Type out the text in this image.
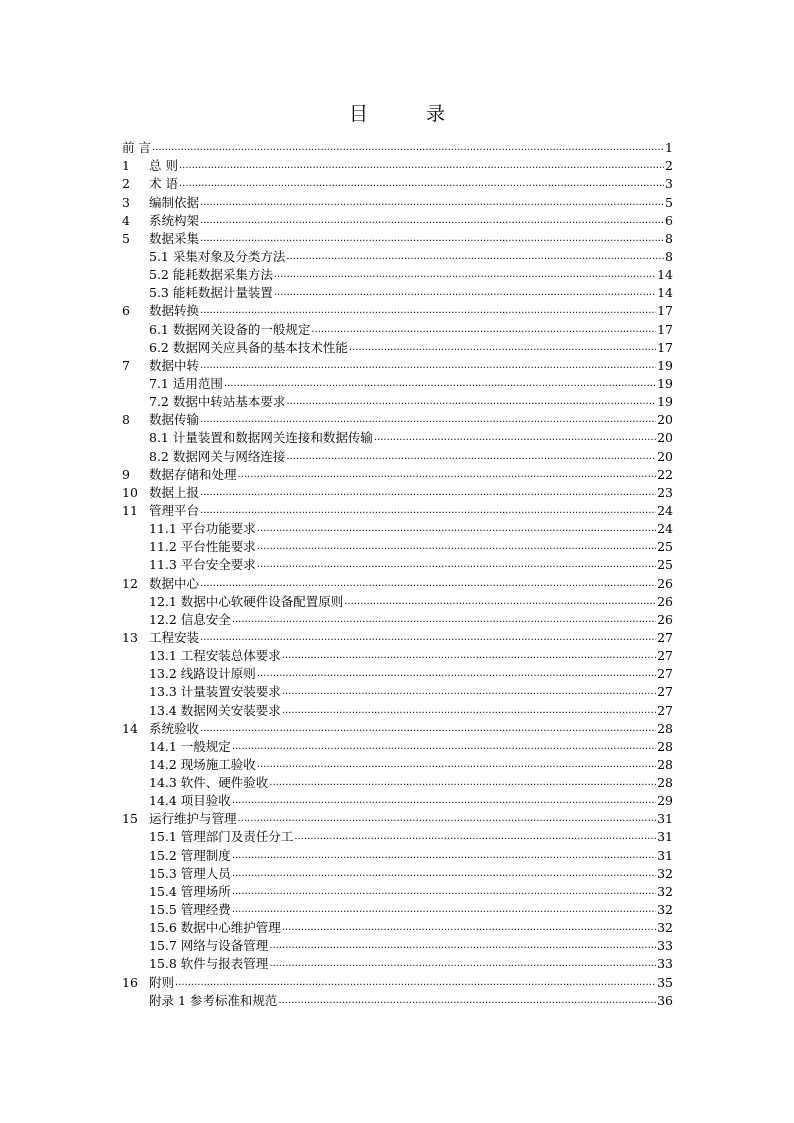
目	录
前 言 .....	1
1	总 则 .....	2
2	术 语 .....	3
3	编制依据 .....	5
4	系统构架 .....	6
5	数据采集 .....	8
5.1 采集对象及分类方法 .....	8
5.2 能耗数据采集方法 .....	14
5.3 能耗数据计量装置 .....	14
6	数据转换 .....	17
6.1 数据网关设备的一般规定 .....	17
6.2 数据网关应具备的基本技术性能 .....	17
7	数据中转 .....	19
7.1 适用范围 .....	19
7.2 数据中转站基本要求 .....	19
8	数据传输 .....	20
8.1 计量装置和数据网关连接和数据传输 .....	20
8.2 数据网关与网络连接 .....	20
9	数据存储和处理 .....	22
10 数据上报 .....	23
11 管理平台 .....	24
11.1 平台功能要求 .....	24
11.2 平台性能要求 .....	25
11.3 平台安全要求 .....	25
12 数据中心 .....	26
12.1 数据中心软硬件设备配置原则 .....	26
12.2 信息安全 .....	26
13 工程安装 .....	27
13.1 工程安装总体要求 .....	27
13.2 线路设计原则 .....	27
13.3 计量装置安装要求 .....	27
13.4 数据网关安装要求 .....	27
14 系统验收 .....	28
14.1 一般规定 .....	28
14.2 现场施工验收 .....	28
14.3 软件、硬件验收 .....	28
14.4 项目验收 .....	29
15 运行维护与管理 .....	31
15.1 管理部门及责任分工 .....	31
15.2 管理制度 .....	31
15.3 管理人员 .....	32
15.4 管理场所 .....	32
15.5 管理经费 .....	32
15.6 数据中心维护管理 .....	32
15.7 网络与设备管理 .....	33
15.8 软件与报表管理 .....	33
16 附则 .....	35
附录 1 参考标准和规范 .....	36
